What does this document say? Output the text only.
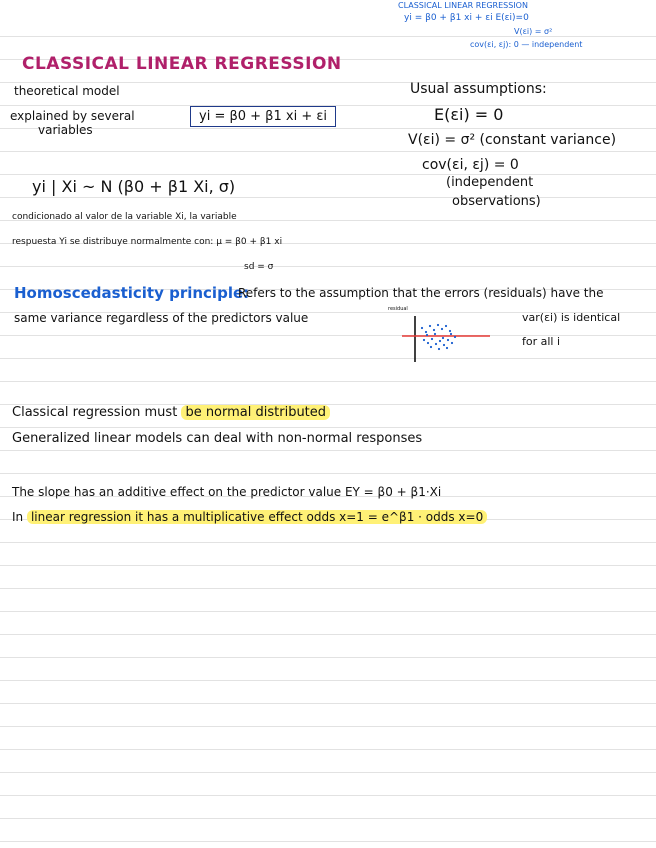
CLASSICAL LINEAR REGRESSION
yi = β0 + β1 xi + εi E(εi)=0
V(εi) = σ²
cov(εi, εj): 0 — independent
CLASSICAL LINEAR REGRESSION
theoretical model
explained by several
variables
yi = β0 + β1 xi + εi
Usual assumptions:
E(εi) = 0
V(εi) = σ² (constant variance)
cov(εi, εj) = 0
(independent
observations)
yi | Xi ~ N (β0 + β1 Xi, σ)
condicionado al valor de la variable Xi, la variable
respuesta Yi se distribuye normalmente con: μ = β0 + β1 xi
sd = σ
Homoscedasticity principle:
Refers to the assumption that the errors (residuals) have the
same variance regardless of the predictors value
residual
var(εi) is identical
for all i
Classical regression must be normal distributed
Generalized linear models can deal with non-normal responses
The slope has an additive effect on the predictor value EY = β0 + β1·Xi
In linear regression it has a multiplicative effect odds x=1 = e^β1 · odds x=0
